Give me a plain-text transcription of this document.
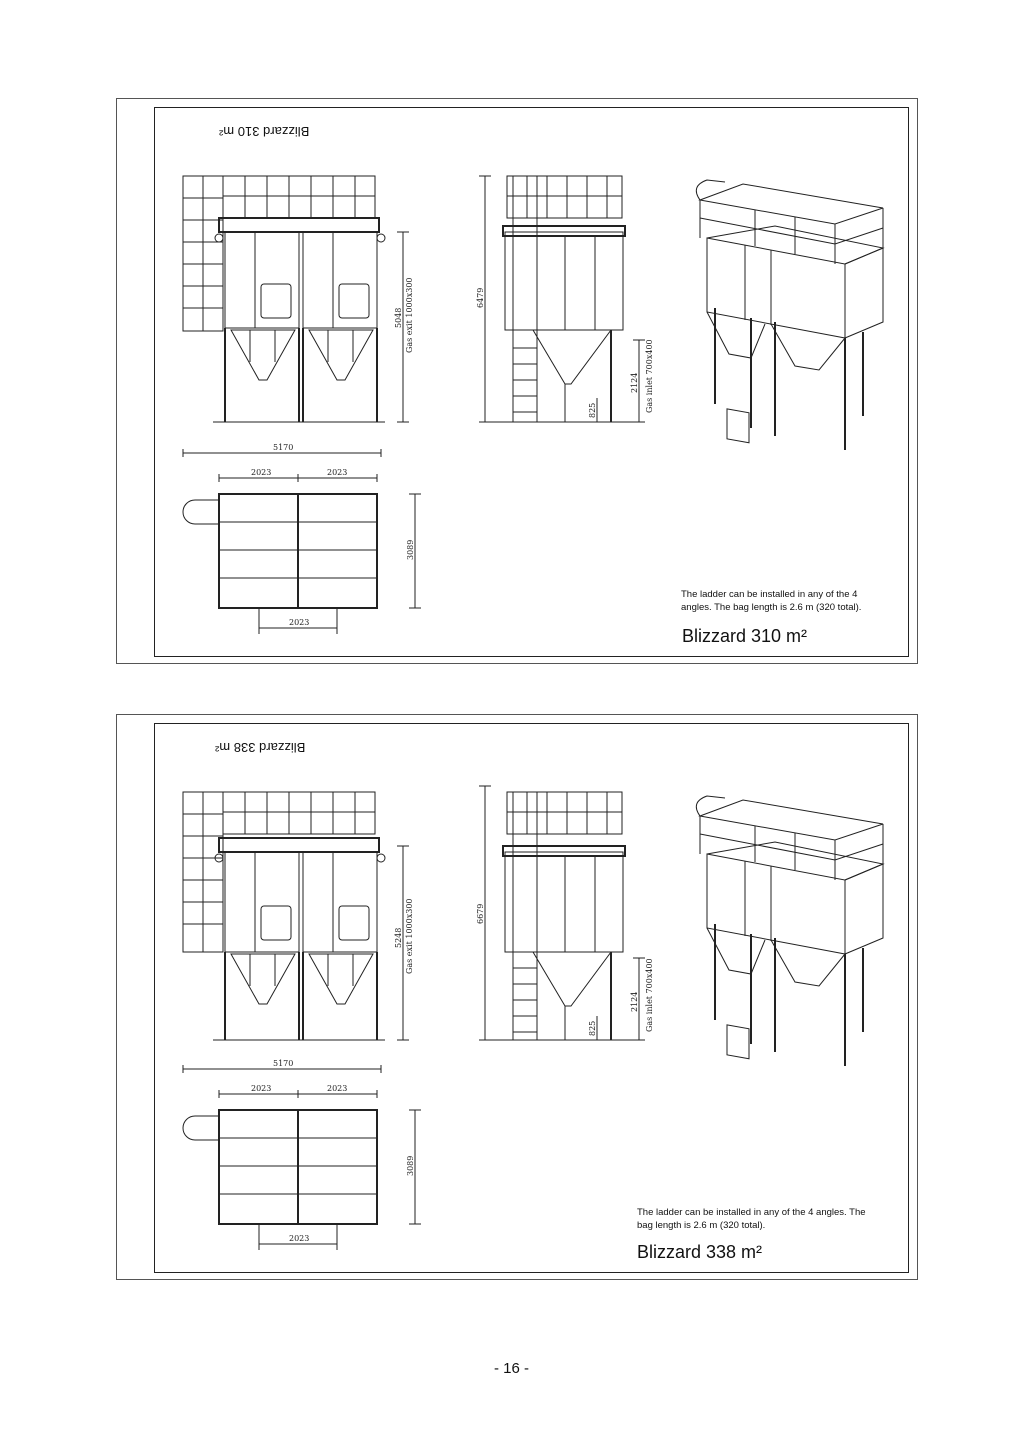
Blizzard 310 m²
5048 Gas exit 1000x300	6479
Gas inlet 700x400
2124
825
5170
2023	2023
3089
2023
The ladder can be installed in any of the 4 angles. The bag length is 2.6 m (320 total).
Blizzard 310 m²
Blizzard 338 m²
5248 Gas exit 1000x300	6679
Gas inlet 700x400
2124
825
5170
2023	2023
3089
2023
The ladder can be installed in any of the 4 angles. The bag length is 2.6 m (320 total).
Blizzard 338 m²
- 16 -
